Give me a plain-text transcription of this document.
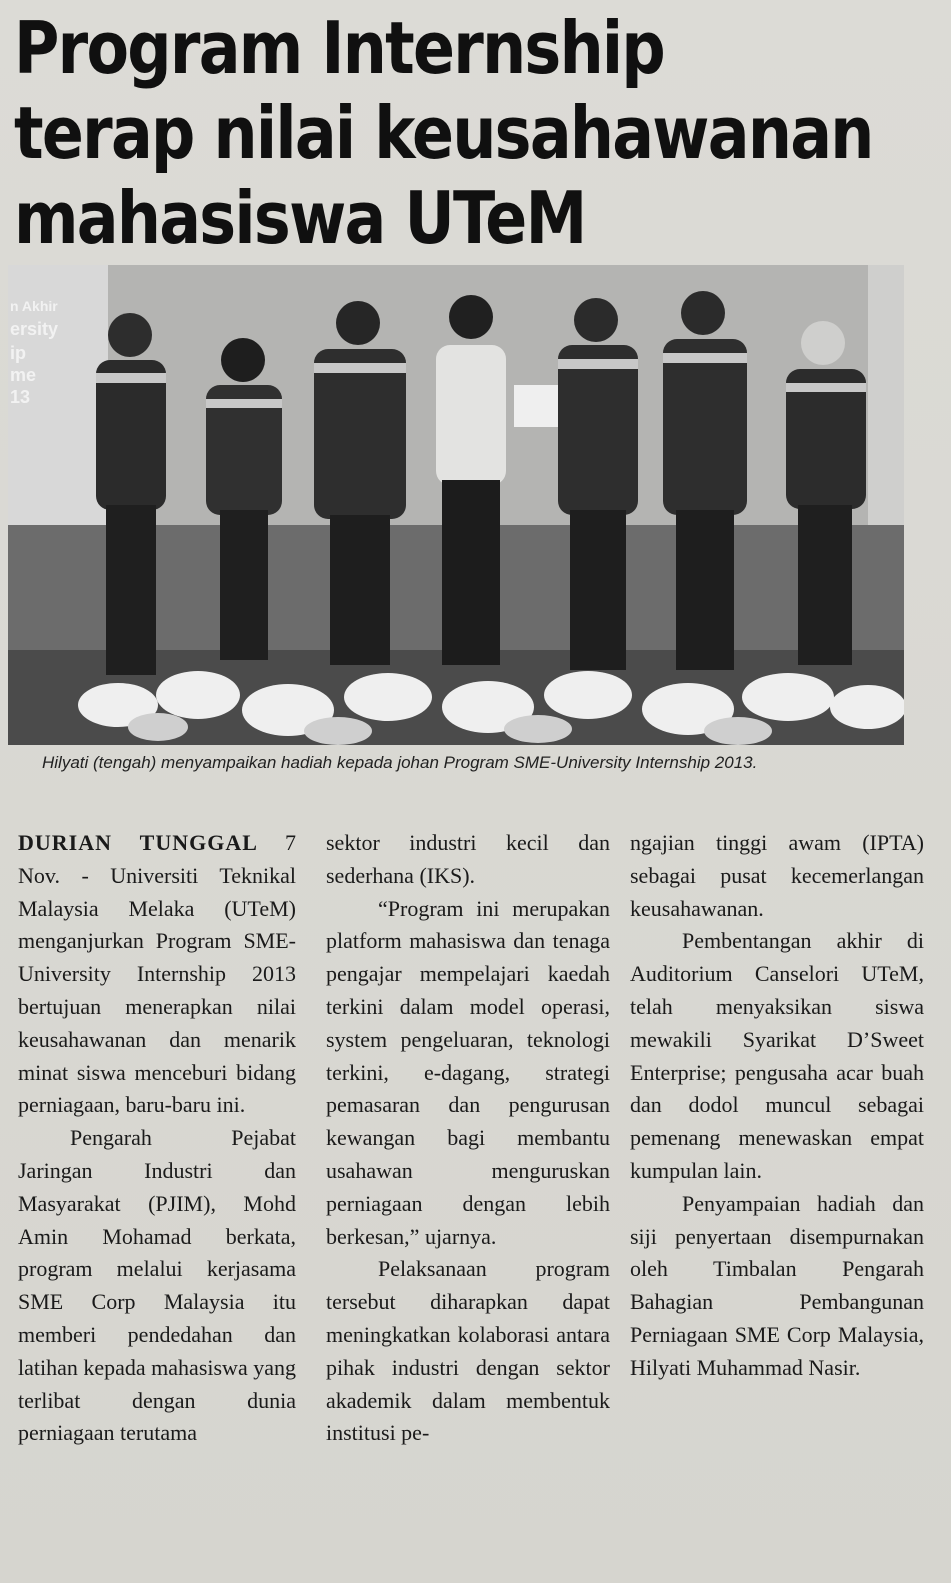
Program Internship
terap nilai keusahawanan
mahasiswa UTeM
n Akhir
ersity
ip
me
13

Hilyati (tengah) menyampaikan hadiah kepada johan Program SME-University Internship 2013.

DURIAN TUNGGAL 7 Nov. - Universiti Teknikal Malaysia Melaka (UTeM) menganjurkan Program SME-University Internship 2013 bertujuan menerapkan nilai keusahawanan dan menarik minat siswa menceburi bidang perniagaan, baru-baru ini.

Pengarah Pejabat Jaringan Industri dan Masyarakat (PJIM), Mohd Amin Mohamad berkata, program melalui kerjasama SME Corp Malaysia itu memberi pendedahan dan latihan kepada mahasiswa yang terlibat dengan dunia perniagaan terutama

sektor industri kecil dan sederhana (IKS).

“Program ini merupakan platform mahasiswa dan tenaga pengajar mempelajari kaedah terkini dalam model operasi, system pengeluaran, teknologi terkini, e-dagang, strategi pemasaran dan pengurusan kewangan bagi membantu usahawan menguruskan perniagaan dengan lebih berkesan,” ujarnya.

Pelaksanaan program tersebut diharapkan dapat meningkatkan kolaborasi antara pihak industri dengan sektor akademik dalam membentuk institusi pe-

ngajian tinggi awam (IPTA) sebagai pusat kecemerlangan keusahawanan.

Pembentangan akhir di Auditorium Canselori UTeM, telah menyaksikan siswa mewakili Syarikat D’Sweet Enterprise; pengusaha acar buah dan dodol muncul sebagai pemenang menewaskan empat kumpulan lain.

Penyampaian hadiah dan siji penyertaan disempurnakan oleh Timbalan Pengarah Bahagian Pembangunan Perniagaan SME Corp Malaysia, Hilyati Muhammad Nasir.
